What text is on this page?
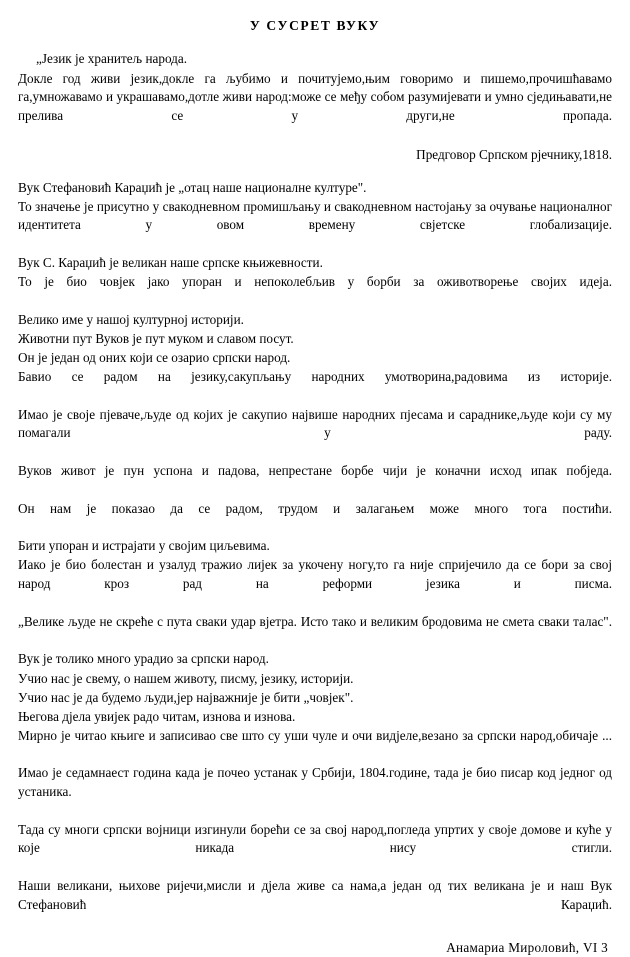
У СУСРЕТ ВУКУ

„Језик је хранитељ народа.

Докле год живи језик,докле га љубимо и почитујемо,њим говоримо и пишемо,прочишћавамо га,умножавамо и украшавамо,дотле живи народ:може се међу собом разумијевати и умно сједињавати,не прелива се у други,не пропада.

Предговор Српском рјечнику,1818.

Вук Стефановић Караџић је „отац наше националне културе".

То значење је присутно у свакодневном промишљању и свакодневном настојању за очувањe националног идентитета у овом времену свјетске глобализације.

Вук С. Караџић је великан наше српске књижевности.

То је био човјек јако упоран и непоколебљив у борби за оживотворење својих идеја.

Велико име у нашој културној историји.

Животни пут Вуков је пут муком и славом посут.

Он је један од оних који се озарио српски народ.

Бавио се радом на језику,сакупљању народних умотворина,радовима из историје.

Имао је своје пјеваче,људе од којих је сакупио највише народних пјесама и сарадникe,људе који су му помагали у раду.

Вуков живот је пун успона и падова, непрестане борбе чији је коначни исход ипак побједа.

Он нам је показао да се радом, трудом и залагањем може много тога постићи.

Бити упоран и истрајати у својим циљевима.

Иако је био болестан и узалуд тражио лијек за укочену ногу,то га није спријечило да се бори за свој народ кроз рад на реформи језика и писма.

„Велике људе не скреће с пута сваки удар вјетра. Исто тако и великим бродовима не смета сваки талас".

Вук је толико много урадио за српски народ.

Учио нас је свему, о нашем животу, писму, језику, историји.

Учио нас је да будемо људи,јер најважније је бити „човјек".

Његова дјела увијек радо читам, изнова и изнова.

Мирно је читао књиге и записивао све што су уши чуле и очи видјеле,везано за српски народ,обичаје ...

Имао је седамнаест година када је почео устанак у Србији, 1804.године, тада је био писар код једног од устаника.

Тада су многи српски војници изгинули борећи се за свој народ,погледа упртих у своје домове и куће у које никада нису стигли.

Наши великани, њихове ријечи,мисли и дјела живе са нама,а један од тих великана је и наш Вук Стефановић Караџић.

Анамариа Мироловић, VI 3
